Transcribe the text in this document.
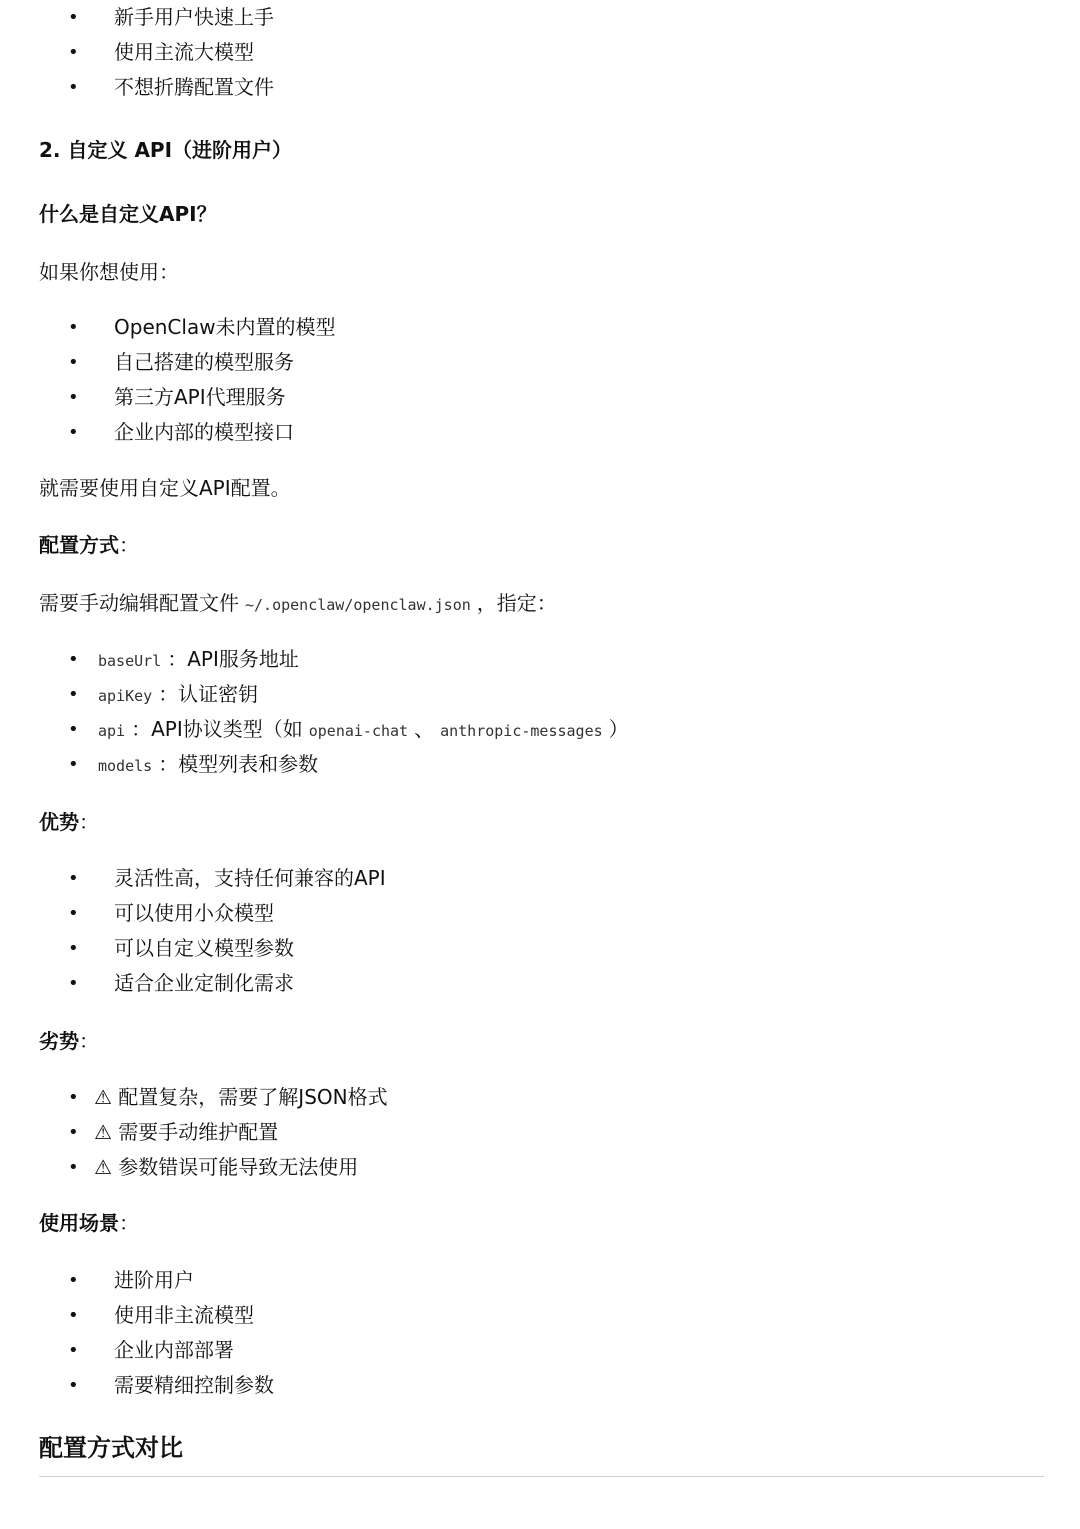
• 新手用户快速上手
• 使用主流大模型
• 不想折腾配置文件
2. 自定义 API（进阶用户）
什么是自定义API？

如果你想使用：

• OpenClaw未内置的模型
• 自己搭建的模型服务
• 第三方API代理服务
• 企业内部的模型接口

就需要使用自定义API配置。

配置方式：

需要手动编辑配置文件 ~/.openclaw/openclaw.json ，指定：

• baseUrl ：API服务地址
• apiKey ：认证密钥
• api ：API协议类型（如 openai-chat 、 anthropic-messages ）
• models ：模型列表和参数
优势：
• 灵活性高，支持任何兼容的API
• 可以使用小众模型
• 可以自定义模型参数
• 适合企业定制化需求
劣势：
• ⚠ 配置复杂，需要了解JSON格式
• ⚠ 需要手动维护配置
• ⚠ 参数错误可能导致无法使用
使用场景：
• 进阶用户
• 使用非主流模型
• 企业内部部署
• 需要精细控制参数
配置方式对比
